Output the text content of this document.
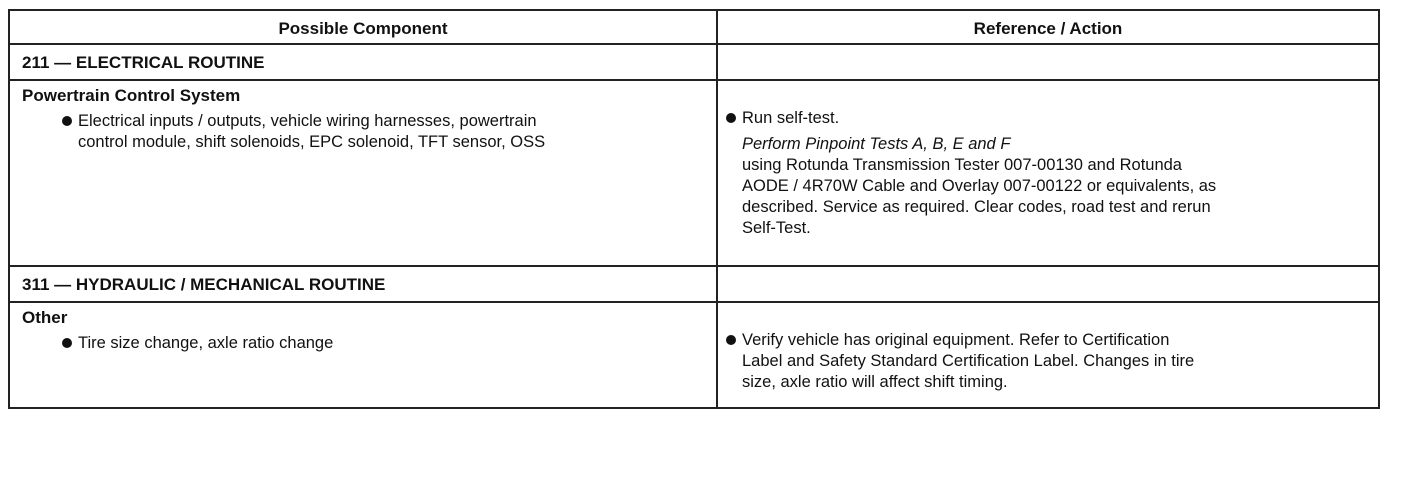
Possible Component	Reference / Action
211 — ELECTRICAL ROUTINE
Powertrain Control System
Electrical inputs / outputs, vehicle wiring harnesses, powertrain
control module, shift solenoids, EPC solenoid, TFT sensor, OSS
Run self-test.
Perform Pinpoint Tests A, B, E and F
using Rotunda Transmission Tester 007-00130 and Rotunda
AODE / 4R70W Cable and Overlay 007-00122 or equivalents, as
described. Service as required. Clear codes, road test and rerun
Self-Test.
311 — HYDRAULIC / MECHANICAL ROUTINE
Other
Tire size change, axle ratio change	Verify vehicle has original equipment. Refer to Certification
Label and Safety Standard Certification Label. Changes in tire
size, axle ratio will affect shift timing.
